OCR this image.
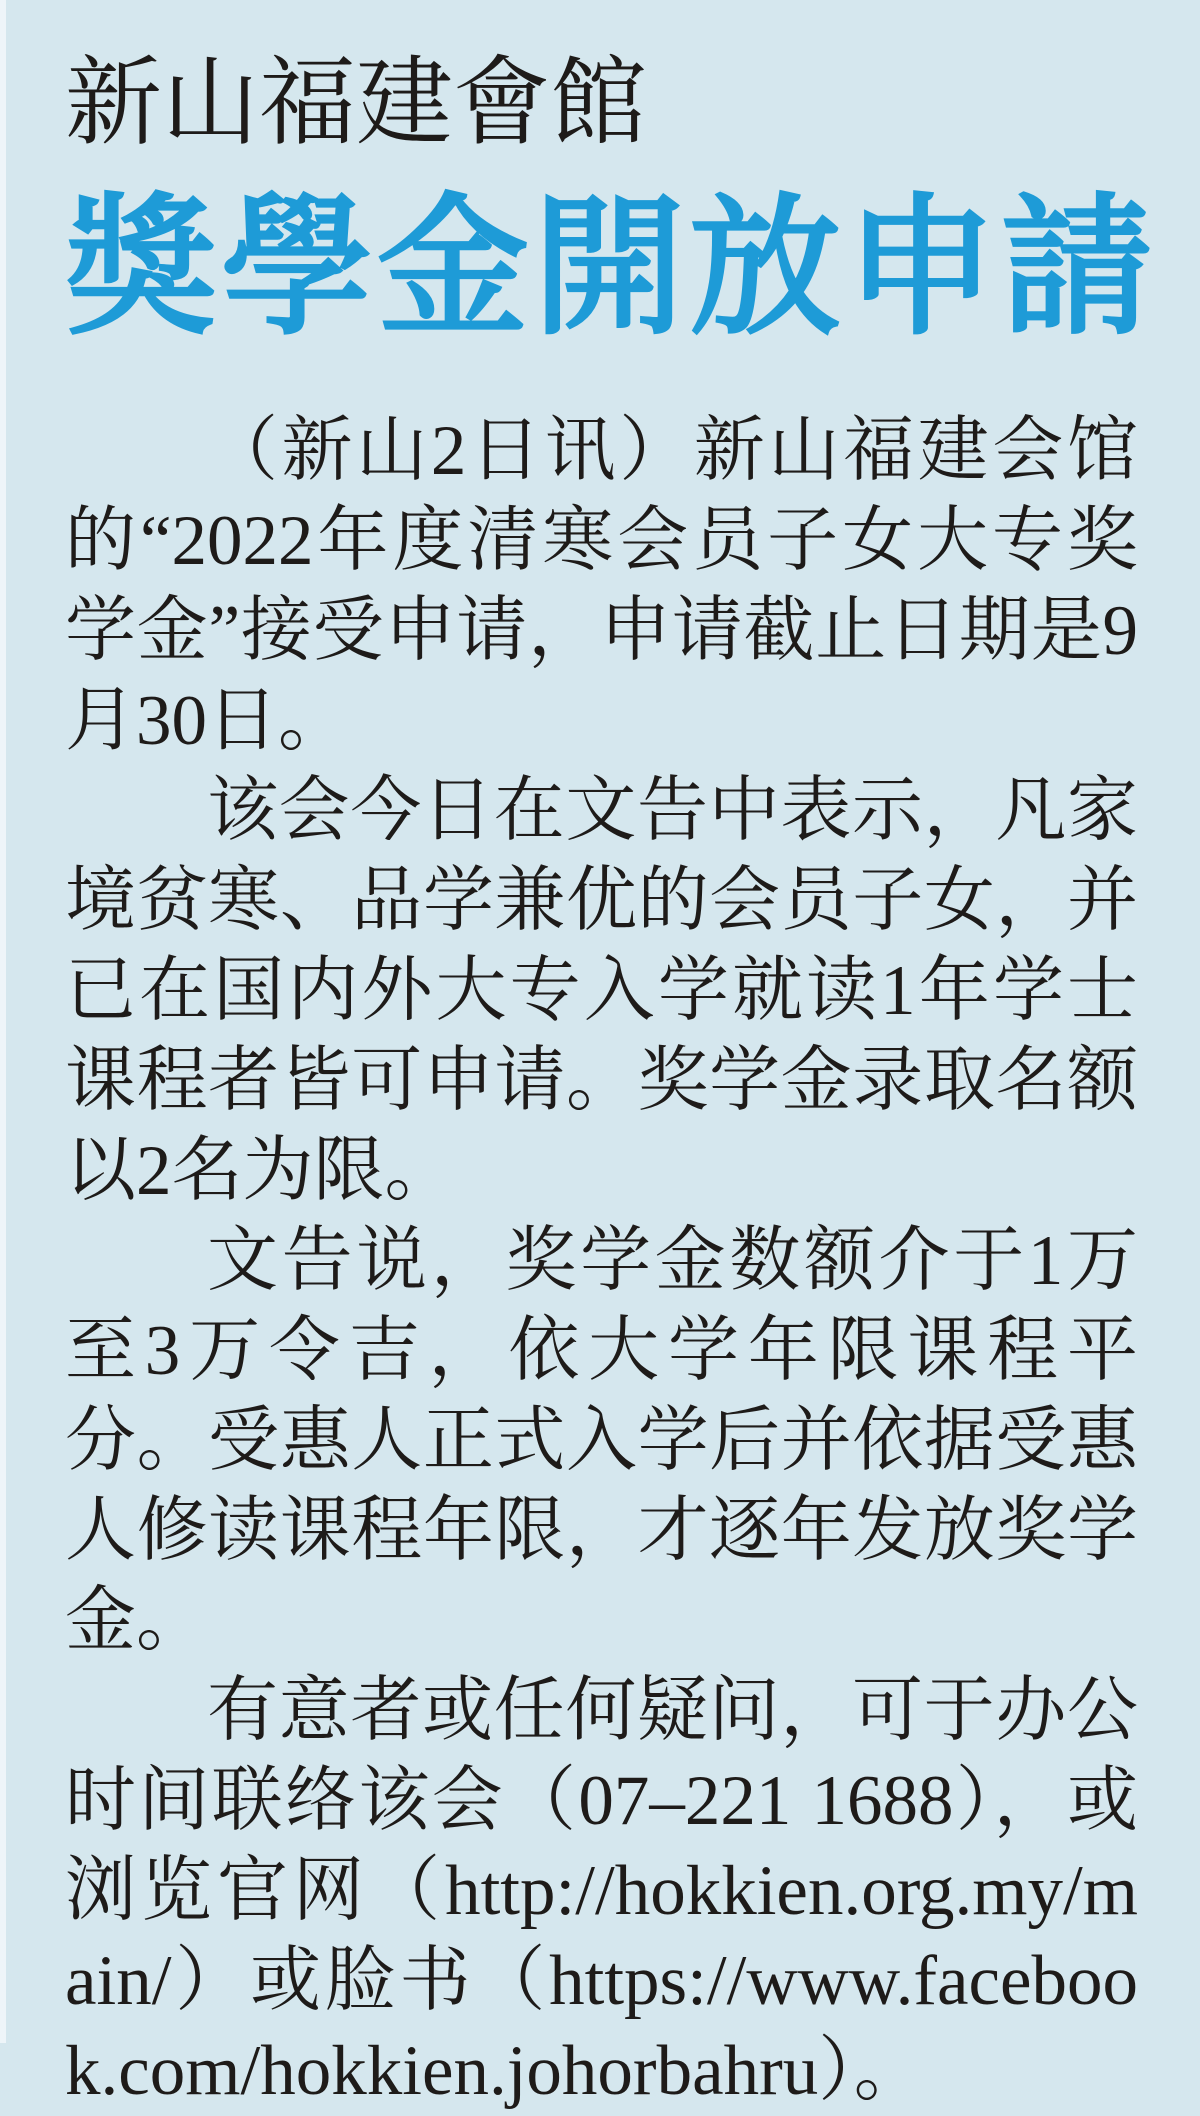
新山福建會館
獎學金開放申請

（新山2日讯）新山福建会馆的“2022年度清寒会员子女大专奖学金”接受申请，申请截止日期是9月30日。

该会今日在文告中表示，凡家境贫寒、品学兼优的会员子女，并已在国内外大专入学就读1年学士课程者皆可申请。奖学金录取名额以2名为限。

文告说，奖学金数额介于1万至3万令吉，依大学年限课程平分。受惠人正式入学后并依据受惠人修读课程年限，才逐年发放奖学金。

有意者或任何疑问，可于办公时间联络该会（07–221 1688），或浏览官网（http://hokkien.org.my/main/）或脸书（https://www.facebook.com/hokkien.johorbahru）。
